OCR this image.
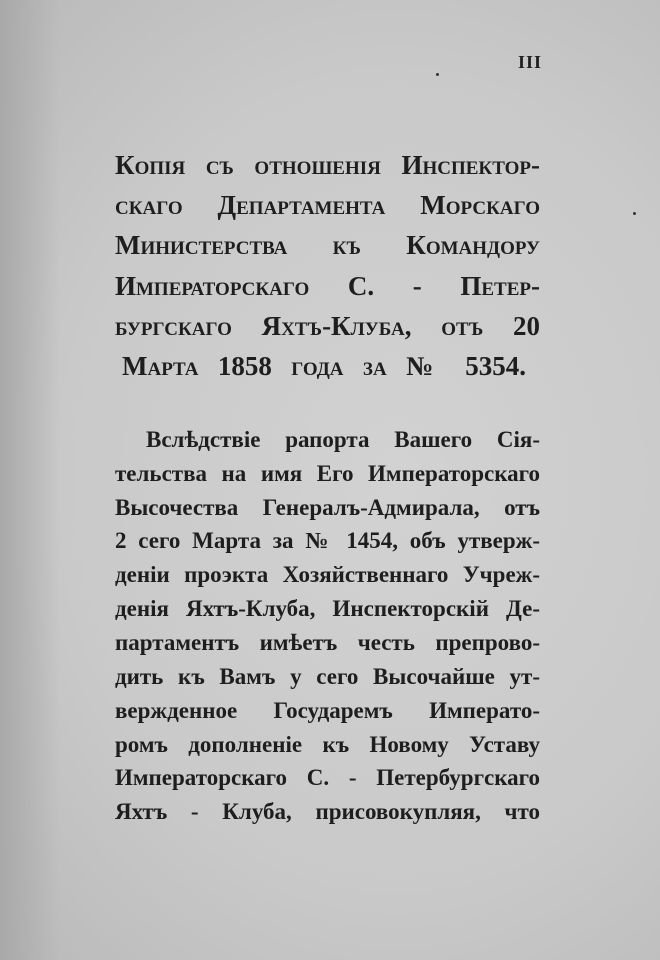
III
Копія съ отношенія Инспектор-
скаго Департамента Морскаго
Министерства къ Командору
Императорскаго С. - Петер-
бургскаго Яхтъ-Клуба, отъ 20
Марта 1858 года за № 5354.
Вслѣдствіе рапорта Вашего Сія-
тельства на имя Его Императорскаго
Высочества Генералъ-Адмирала, отъ
2 сего Марта за № 1454, объ утверж-
деніи проэкта Хозяйственнаго Учреж-
денія Яхтъ-Клуба, Инспекторскій Де-
партаментъ имѣетъ честь препрово-
дить къ Вамъ у сего Высочайше ут-
вержденное Государемъ Императо-
ромъ дополненіе къ Новому Уставу
Императорскаго С. - Петербургскаго
Яхтъ - Клуба, присовокупляя, что
